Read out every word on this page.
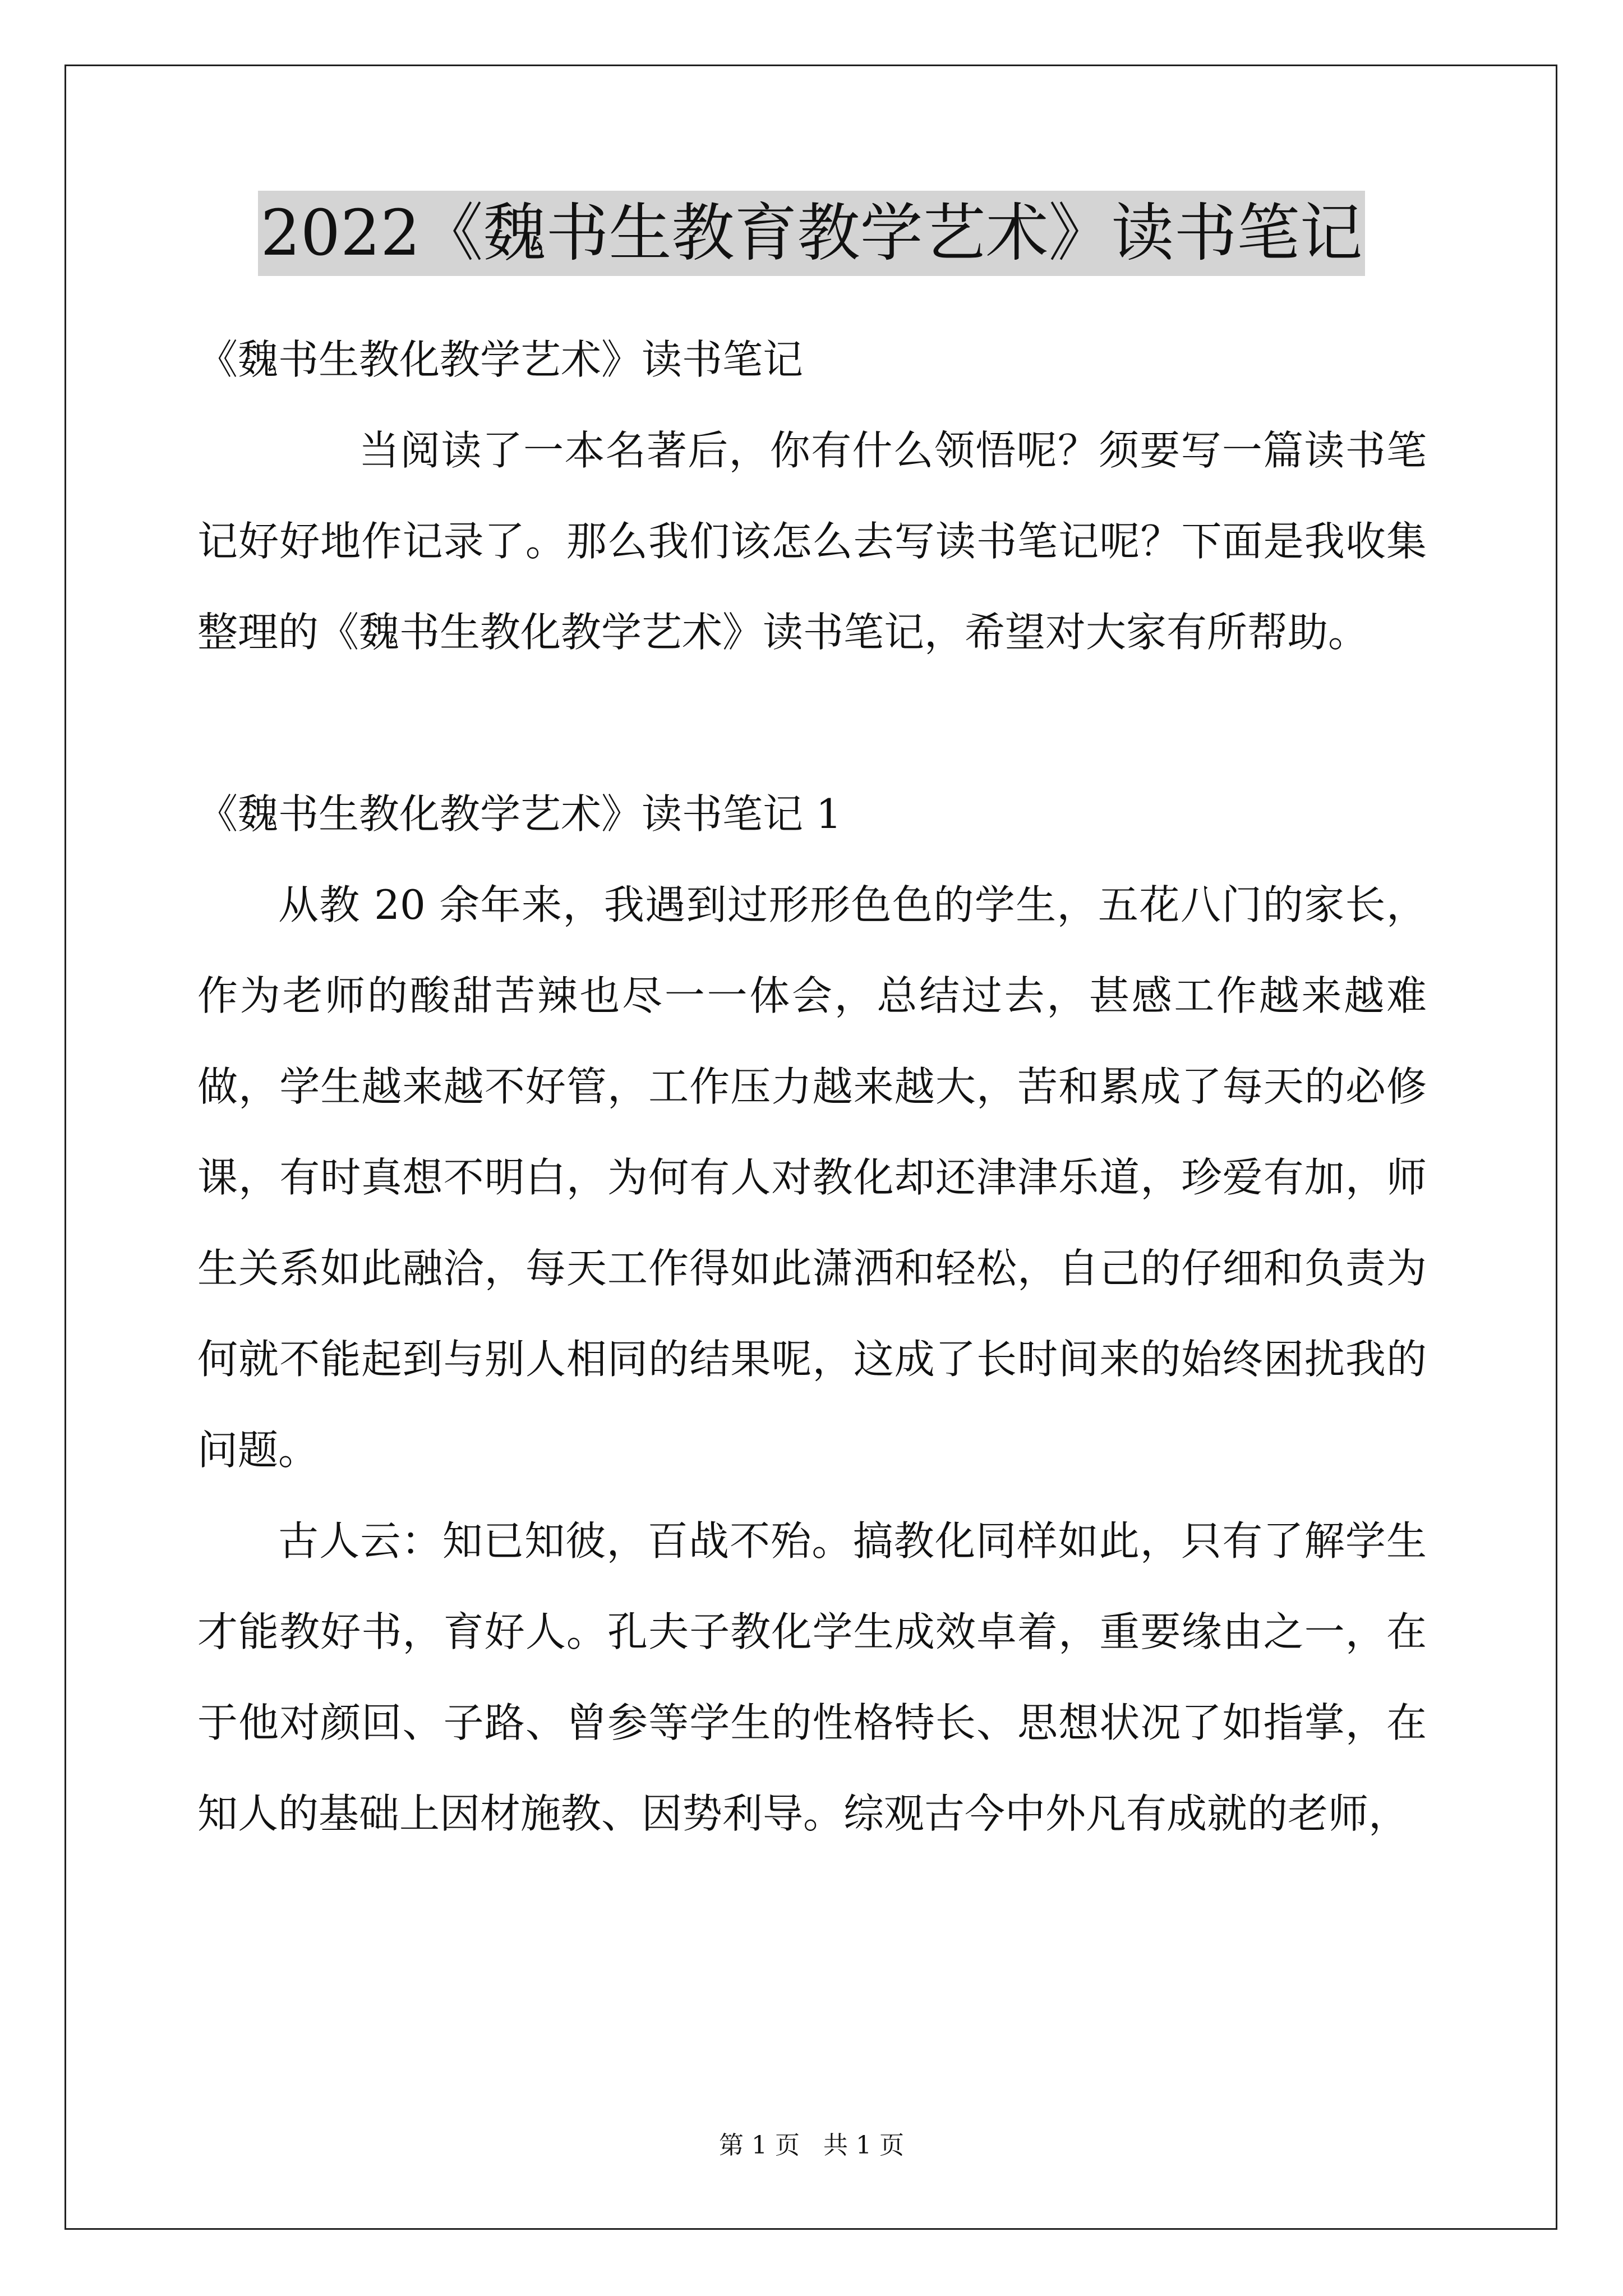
2022《魏书生教育教学艺术》读书笔记

《魏书生教化教学艺术》读书笔记

当阅读了一本名著后，你有什么领悟呢？须要写一篇读书笔记好好地作记录了。那么我们该怎么去写读书笔记呢？下面是我收集整理的《魏书生教化教学艺术》读书笔记，希望对大家有所帮助。

《魏书生教化教学艺术》读书笔记 1

从教 20 余年来，我遇到过形形色色的学生，五花八门的家长，作为老师的酸甜苦辣也尽一一体会，总结过去，甚感工作越来越难做，学生越来越不好管，工作压力越来越大，苦和累成了每天的必修课，有时真想不明白，为何有人对教化却还津津乐道，珍爱有加，师生关系如此融洽，每天工作得如此潇洒和轻松，自己的仔细和负责为何就不能起到与别人相同的结果呢，这成了长时间来的始终困扰我的问题。

古人云：知已知彼，百战不殆。搞教化同样如此，只有了解学生才能教好书，育好人。孔夫子教化学生成效卓着，重要缘由之一，在于他对颜回、子路、曾参等学生的性格特长、思想状况了如指掌，在知人的基础上因材施教、因势利导。综观古今中外凡有成就的老师，

第 1 页   共 1 页
